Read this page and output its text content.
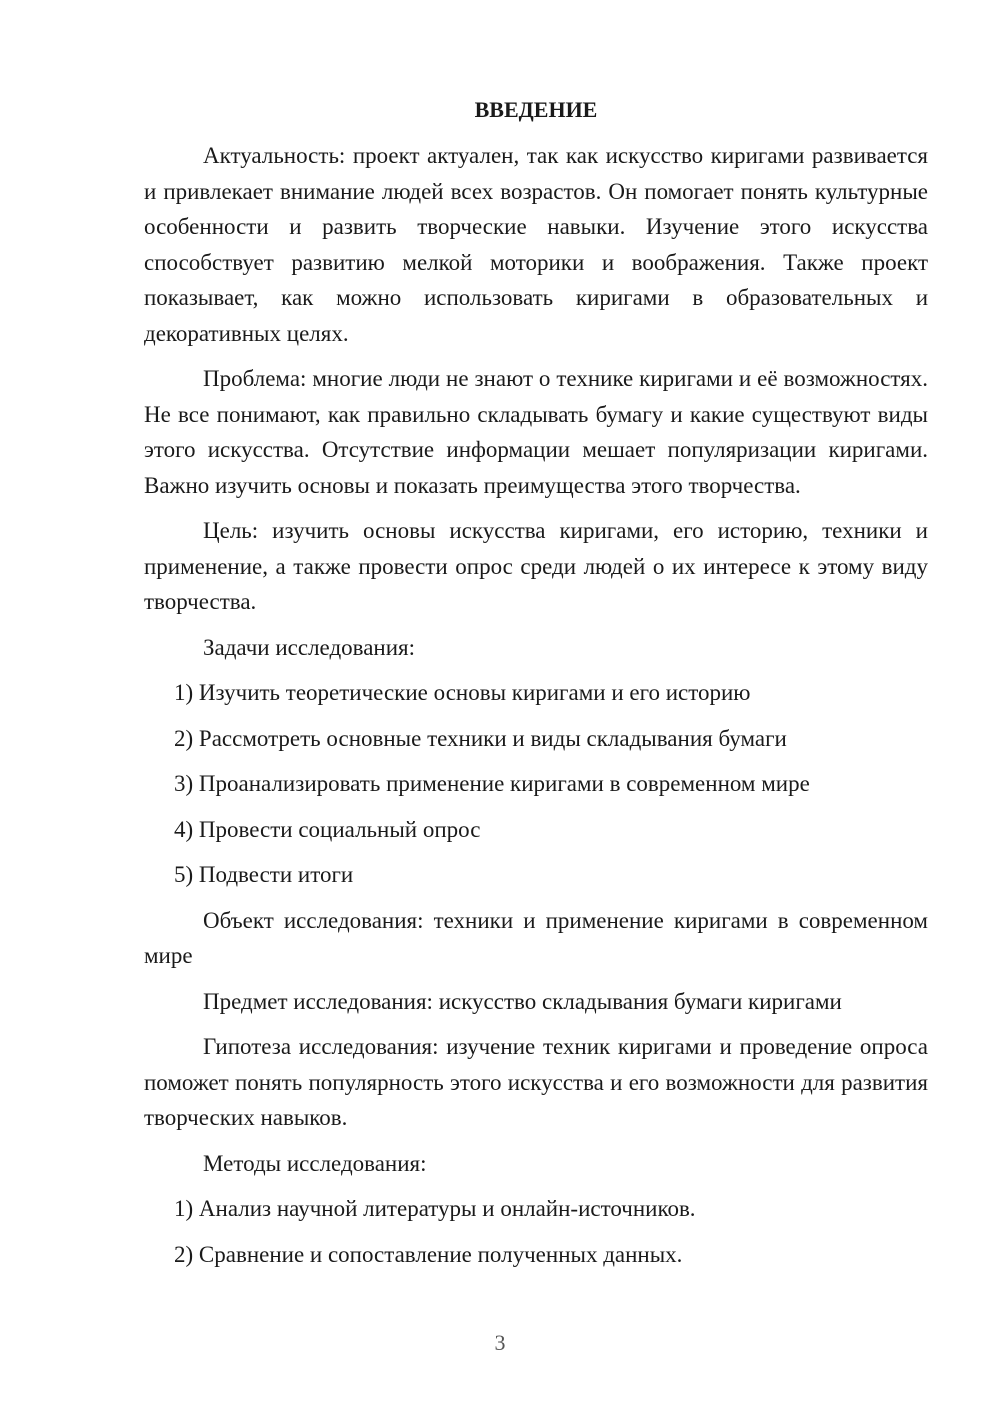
ВВЕДЕНИЕ
Актуальность: проект актуален, так как искусство киригами развивается и привлекает внимание людей всех возрастов. Он помогает понять культурные особенности и развить творческие навыки. Изучение этого искусства способствует развитию мелкой моторики и воображения. Также проект показывает, как можно использовать киригами в образовательных и декоративных целях.
Проблема: многие люди не знают о технике киригами и её возможностях. Не все понимают, как правильно складывать бумагу и какие существуют виды этого искусства. Отсутствие информации мешает популяризации киригами. Важно изучить основы и показать преимущества этого творчества.
Цель: изучить основы искусства киригами, его историю, техники и применение, а также провести опрос среди людей о их интересе к этому виду творчества.
Задачи исследования:
1) Изучить теоретические основы киригами и его историю
2) Рассмотреть основные техники и виды складывания бумаги
3) Проанализировать применение киригами в современном мире
4) Провести социальный опрос
5) Подвести итоги
Объект исследования: техники и применение киригами в современном мире
Предмет исследования: искусство складывания бумаги киригами
Гипотеза исследования: изучение техник киригами и проведение опроса поможет понять популярность этого искусства и его возможности для развития творческих навыков.
Методы исследования:
1) Анализ научной литературы и онлайн-источников.
2) Сравнение и сопоставление полученных данных.
3
